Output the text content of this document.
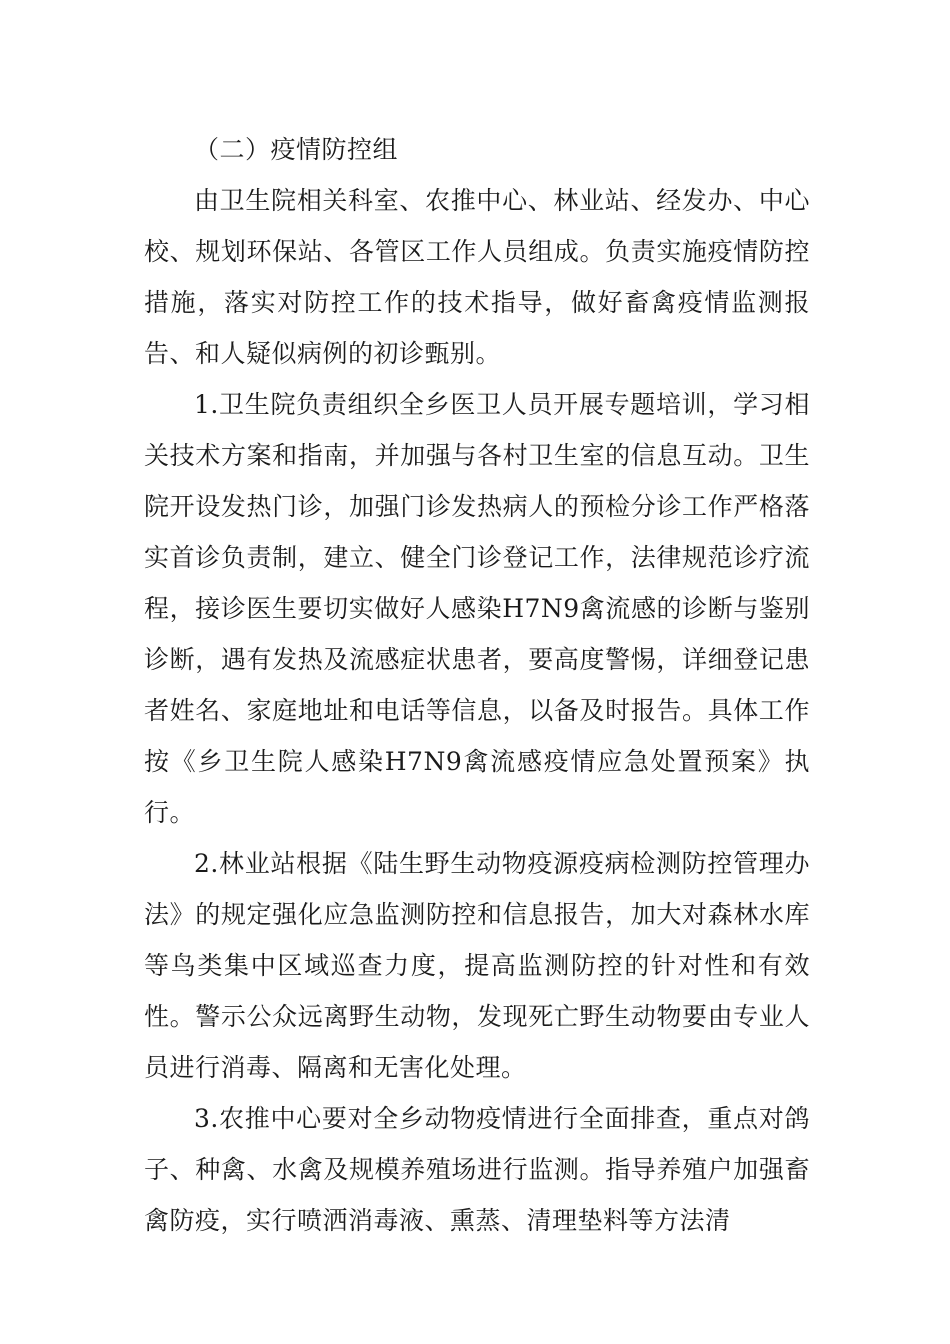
（二）疫情防控组

由卫生院相关科室、农推中心、林业站、经发办、中心校、规划环保站、各管区工作人员组成。负责实施疫情防控措施，落实对防控工作的技术指导，做好畜禽疫情监测报告、和人疑似病例的初诊甄别。

1.卫生院负责组织全乡医卫人员开展专题培训，学习相关技术方案和指南，并加强与各村卫生室的信息互动。卫生院开设发热门诊，加强门诊发热病人的预检分诊工作严格落实首诊负责制，建立、健全门诊登记工作，法律规范诊疗流程，接诊医生要切实做好人感染H7N9禽流感的诊断与鉴别诊断，遇有发热及流感症状患者，要高度警惕，详细登记患者姓名、家庭地址和电话等信息，以备及时报告。具体工作按《乡卫生院人感染H7N9禽流感疫情应急处置预案》执行。

2.林业站根据《陆生野生动物疫源疫病检测防控管理办法》的规定强化应急监测防控和信息报告，加大对森林水库等鸟类集中区域巡查力度，提高监测防控的针对性和有效性。警示公众远离野生动物，发现死亡野生动物要由专业人员进行消毒、隔离和无害化处理。

3.农推中心要对全乡动物疫情进行全面排查，重点对鸽子、种禽、水禽及规模养殖场进行监测。指导养殖户加强畜禽防疫，实行喷洒消毒液、熏蒸、清理垫料等方法清
